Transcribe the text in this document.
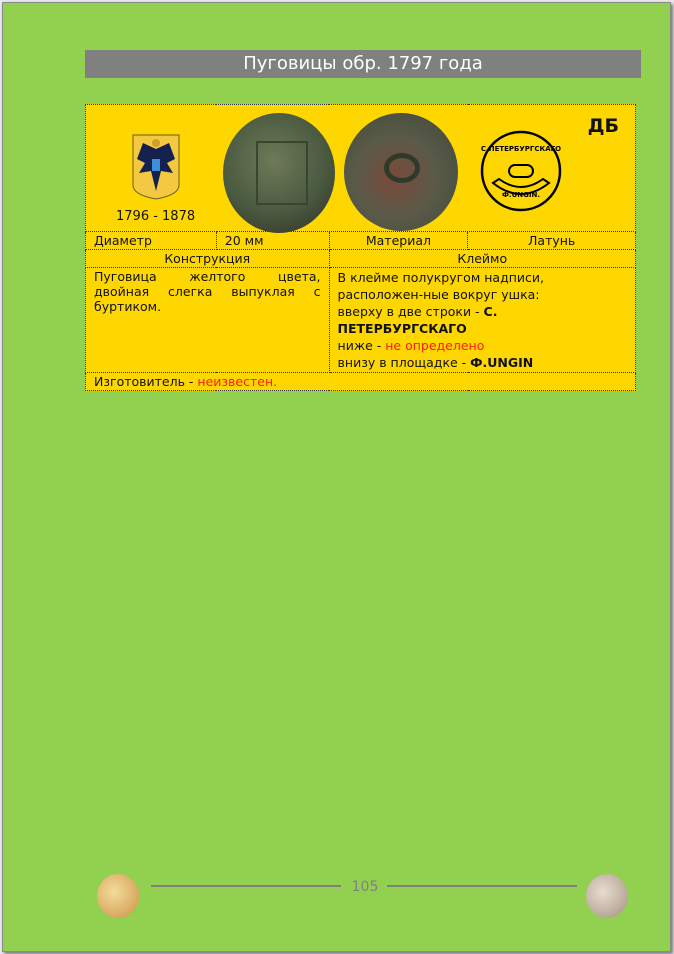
Пуговицы обр. 1797 года
1796 - 1878
С.ПЕТЕРБУРГСКАГО
Ф.UNGIN.
ДБ			

Диаметр	20 мм	Материал	Латунь
Конструкция		Клеймо	
Пуговица желтого цвета, двойная слегка выпуклая с буртиком.		В клейме полукругом надписи, расположен-ные вокруг ушка:
вверху в две строки - С. ПЕТЕРБУРГСКАГО
ниже - не определено
внизу в площадке - Ф.UNGIN	

Изготовитель - неизвестен.			
105
